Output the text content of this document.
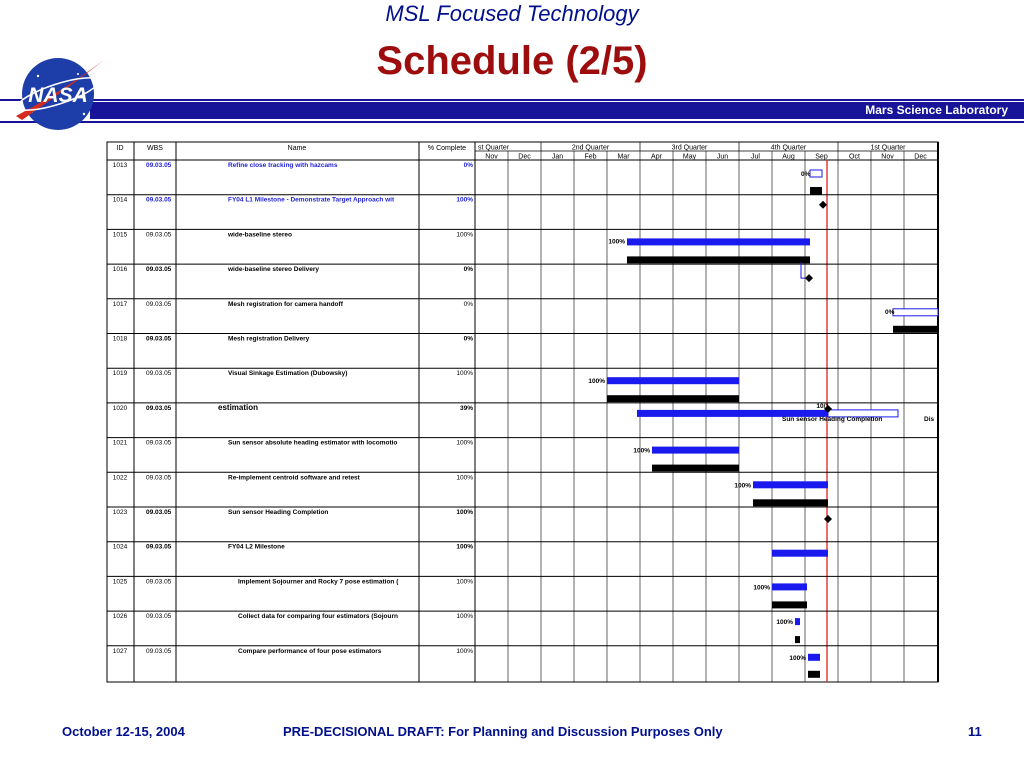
MSL Focused Technology
Schedule (2/5)
Mars Science Laboratory
NASA
ID	WBS	Name	% Complete st Quarter	2nd Quarter	3rd Quarter	4th Quarter	1st Quarter
Nov	Dec	Jan	Feb	Mar	Apr	May	Jun	Jul	Aug	Sep	Oct	Nov	Dec
1013	09.03.05	Refine close tracking with hazcams	0%
1014	09.03.05	FY04 L1 Milestone - Demonstrate Target Approach wit	100%
1015	09.03.05	wide-baseline stereo	100%
1016	09.03.05	wide-baseline stereo Delivery	0%
1017	09.03.05	Mesh registration for camera handoff	0%
1018	09.03.05	Mesh registration Delivery	0%
1019	09.03.05	Visual Sinkage Estimation (Dubowsky)	100%
1020	09.03.05	estimation	39%
1021	09.03.05	Sun sensor absolute heading estimator with locomotio	100%
1022	09.03.05	Re-implement centroid software and retest	100%
1023	09.03.05	Sun sensor Heading Completion	100%
1024	09.03.05	FY04 L2 Milestone	100%
1025	09.03.05	Implement Sojourner and Rocky 7 pose estimation (	100%
1026	09.03.05	Collect data for comparing four estimators (Sojourn	100%
1027	09.03.05	Compare performance of four pose estimators	100%
0%
100%
0%
100%
10/1
Sun sensor Heading Completion	Dis
100%
100%
100%
100%
100%
October 12-15, 2004	PRE-DECISIONAL DRAFT: For Planning and Discussion Purposes Only	11
